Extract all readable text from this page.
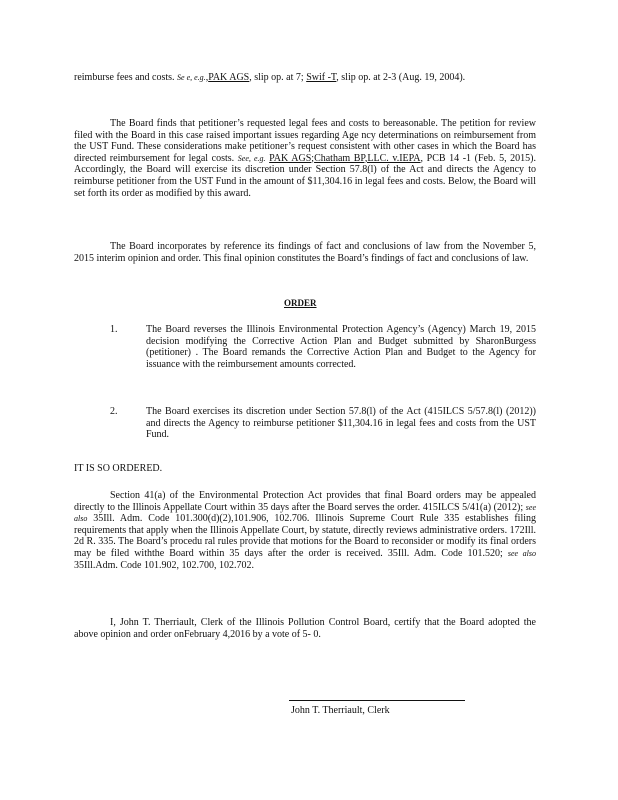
reimburse fees and costs. Se e, e.g.,PAK AGS, slip op. at 7; Swif -T, slip op. at 2-3 (Aug. 19, 2004).

The Board finds that petitioner’s requested legal fees and costs to bereasonable. The petition for review filed with the Board in this case raised important issues regarding Age ncy determinations on reimbursement from the UST Fund. These considerations make petitioner’s request consistent with other cases in which the Board has directed reimbursement for legal costs. See, e.g. PAK AGS;Chatham BP,LLC. v.IEPA, PCB 14 -1 (Feb. 5, 2015). Accordingly, the Board will exercise its discretion under Section 57.8(l) of the Act and directs the Agency to reimburse petitioner from the UST Fund in the amount of $11,304.16 in legal fees and costs. Below, the Board will set forth its order as modified by this award.

The Board incorporates by reference its findings of fact and conclusions of law from the November 5, 2015 interim opinion and order. This final opinion constitutes the Board’s findings of fact and conclusions of law.

ORDER

1.	The Board reverses the Illinois Environmental Protection Agency’s (Agency) March 19, 2015 decision modifying the Corrective Action Plan and Budget submitted by SharonBurgess (petitioner) . The Board remands the Corrective Action Plan and Budget to the Agency for issuance with the reimbursement amounts corrected.

2.	The Board exercises its discretion under Section 57.8(l) of the Act (415ILCS 5/57.8(l) (2012)) and directs the Agency to reimburse petitioner $11,304.16 in legal fees and costs from the UST Fund.

IT IS SO ORDERED.

Section 41(a) of the Environmental Protection Act provides that final Board orders may be appealed directly to the Illinois Appellate Court within 35 days after the Board serves the order. 415ILCS 5/41(a) (2012); see also 35Ill. Adm. Code 101.300(d)(2),101.906, 102.706. Illinois Supreme Court Rule 335 establishes filing requirements that apply when the Illinois Appellate Court, by statute, directly reviews administrative orders. 172Ill. 2d R. 335. The Board’s procedu ral rules provide that motions for the Board to reconsider or modify its final orders may be filed withthe Board within 35 days after the order is received. 35Ill. Adm. Code 101.520; see also 35Ill.Adm. Code 101.902, 102.700, 102.702.

I, John T. Therriault, Clerk of the Illinois Pollution Control Board, certify that the Board adopted the above opinion and order onFebruary 4,2016 by a vote of 5- 0.

John T. Therriault, Clerk
